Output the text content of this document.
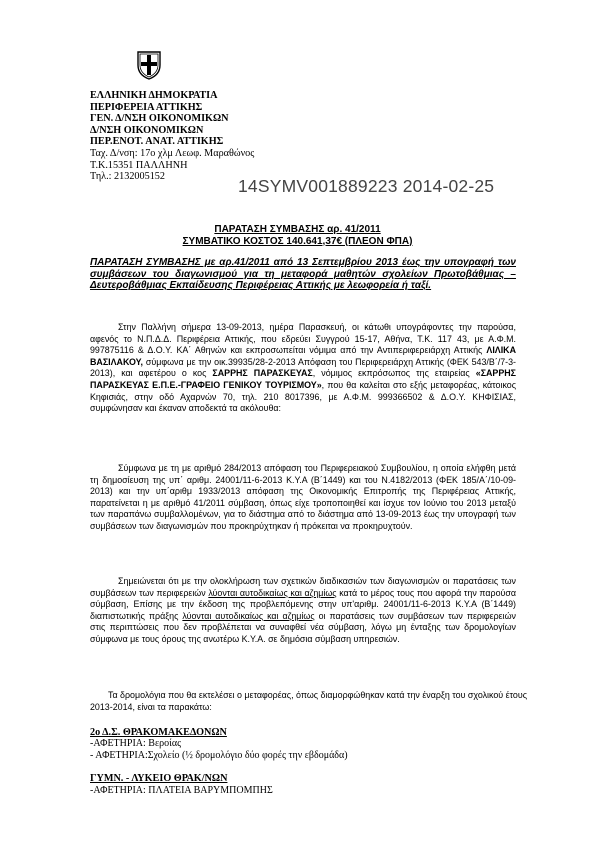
ΕΛΛΗΝΙΚΗ ΔΗΜΟΚΡΑΤΙΑ
ΠΕΡΙΦΕΡΕΙΑ ΑΤΤΙΚΗΣ
ΓΕΝ. Δ/ΝΣΗ ΟΙΚΟΝΟΜΙΚΩΝ
Δ/ΝΣΗ ΟΙΚΟΝΟΜΙΚΩΝ
ΠΕΡ.ΕΝΟΤ. ΑΝΑΤ. ΑΤΤΙΚΗΣ
Ταχ. Δ/νση: 17ο χλμ Λεωφ. Μαραθώνος
Τ.Κ.15351 ΠΑΛΛΗΝΗ
Τηλ.: 2132005152	14SYMV001889223 2014-02-25
ΠΑΡΑΤΑΣΗ ΣΥΜΒΑΣΗΣ αρ. 41/2011
ΣΥΜΒΑΤΙΚΟ ΚΟΣΤΟΣ 140.641,37€ (ΠΛΕΟΝ ΦΠΑ)
ΠΑΡΑΤΑΣΗ ΣΥΜΒΑΣΗΣ με αρ.41/2011 από 13 Σεπτεμβρίου 2013 έως την υπογραφή των συμβάσεων του διαγωνισμού για τη μεταφορά μαθητών σχολείων Πρωτοβάθμιας – Δευτεροβάθμιας Εκπαίδευσης Περιφέρειας Αττικής με λεωφορεία ή ταξί.

Στην Παλλήνη σήμερα 13-09-2013, ημέρα Παρασκευή, οι κάτωθι υπογράφοντες την παρούσα, αφενός το Ν.Π.Δ.Δ. Περιφέρεια Αττικής, που εδρεύει Συγγρού 15-17, Αθήνα, Τ.Κ. 117 43, με Α.Φ.Μ. 997875116 & Δ.Ο.Υ. ΚΑ΄ Αθηνών και εκπροσωπείται νόμιμα από την Αντιπεριφερειάρχη Αττικής ΛΙΛΙΚΑ ΒΑΣΙΛΑΚΟΥ, σύμφωνα με την οικ.39935/28-2-2013 Απόφαση του Περιφερειάρχη Αττικής (ΦΕΚ 543/Β΄/7-3-2013), και αφετέρου ο κος ΣΑΡΡΗΣ ΠΑΡΑΣΚΕΥΑΣ, νόμιμος εκπρόσωπος της εταιρείας «ΣΑΡΡΗΣ ΠΑΡΑΣΚΕΥΑΣ Ε.Π.Ε.-ΓΡΑΦΕΙΟ ΓΕΝΙΚΟΥ ΤΟΥΡΙΣΜΟΥ», που θα καλείται στο εξής μεταφορέας, κάτοικος Κηφισιάς, στην οδό Αχαρνών 70, τηλ. 210 8017396, με Α.Φ.Μ. 999366502 & Δ.Ο.Υ. ΚΗΦΙΣΙΑΣ, συμφώνησαν και έκαναν αποδεκτά τα ακόλουθα:

Σύμφωνα με τη με αριθμό 284/2013 απόφαση του Περιφερειακού Συμβουλίου, η οποία ελήφθη μετά τη δημοσίευση της υπ΄ αριθμ. 24001/11-6-2013 Κ.Υ.Α (Β΄1449) και του Ν.4182/2013 (ΦΕΚ 185/Α΄/10-09-2013) και την υπ΄αριθμ 1933/2013 απόφαση της Οικονομικής Επιτροπής της Περιφέρειας Αττικής, παρατείνεται η με αριθμό 41/2011 σύμβαση, όπως είχε τροποποιηθεί και ίσχυε τον Ιούνιο του 2013 μεταξύ των παραπάνω συμβαλλομένων, για το διάστημα από το διάστημα από 13-09-2013 έως την υπογραφή των συμβάσεων των διαγωνισμών που προκηρύχτηκαν ή πρόκειται να προκηρυχτούν.

Σημειώνεται ότι με την ολοκλήρωση των σχετικών διαδικασιών των διαγωνισμών οι παρατάσεις των συμβάσεων των περιφερειών λύονται αυτοδικαίως και αζημίως κατά το μέρος τους που αφορά την παρούσα σύμβαση, Επίσης με την έκδοση της προβλεπόμενης στην υπ'αριθμ. 24001/11-6-2013 Κ.Υ.Α (Β΄1449) διαπιστωτικής πράξης λύονται αυτοδικαίως και αζημίως οι παρατάσεις των συμβάσεων των περιφερειών στις περιπτώσεις που δεν προβλέπεται να συναφθεί νέα σύμβαση, λόγω μη ένταξης των δρομολογίων σύμφωνα με τους όρους της ανωτέρω Κ.Υ.Α. σε δημόσια σύμβαση υπηρεσιών.

Τα δρομολόγια που θα εκτελέσει ο μεταφορέας, όπως διαμορφώθηκαν κατά την έναρξη του σχολικού έτους 2013-2014, είναι τα παρακάτω:

2ο Δ.Σ. ΘΡΑΚΟΜΑΚΕΔΟΝΩΝ
-ΑΦΕΤΗΡΙΑ: Βεροίας
- ΑΦΕΤΗΡΙΑ:Σχολείο (½ δρομολόγιο δύο φορές την εβδομάδα)
ΓΥΜΝ. - ΛΥΚΕΙΟ ΘΡΑΚ/ΝΩΝ
-ΑΦΕΤΗΡΙΑ: ΠΛΑΤΕΙΑ ΒΑΡΥΜΠΟΜΠΗΣ
